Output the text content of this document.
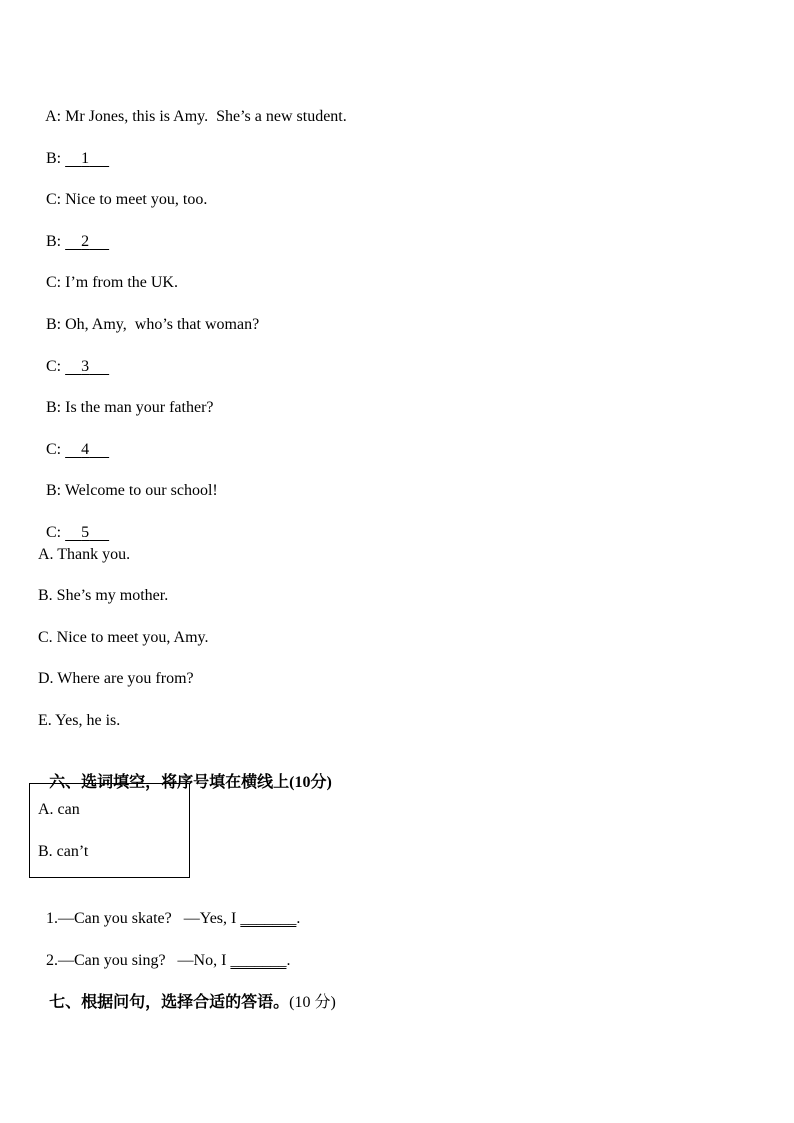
A: Mr Jones, this is Amy.  She’s a new student.

B: 1

C: Nice to meet you, too.

B: 2

C: I’m from the UK.

B: Oh, Amy,  who’s that woman?

C: 3

B: Is the man your father?

C: 4

B: Welcome to our school!

C: 5

A. Thank you.
B. She’s my mother.
C. Nice to meet you, Amy.
D. Where are you from?
E. Yes, he is.

六、选词填空，将序号填在横线上(10分)

A. can
B. can’t

1.—Can you skate?   —Yes, I _______.

2.—Can you sing?   —No, I _______.

七、根据问句，选择合适的答语。(10 分)
